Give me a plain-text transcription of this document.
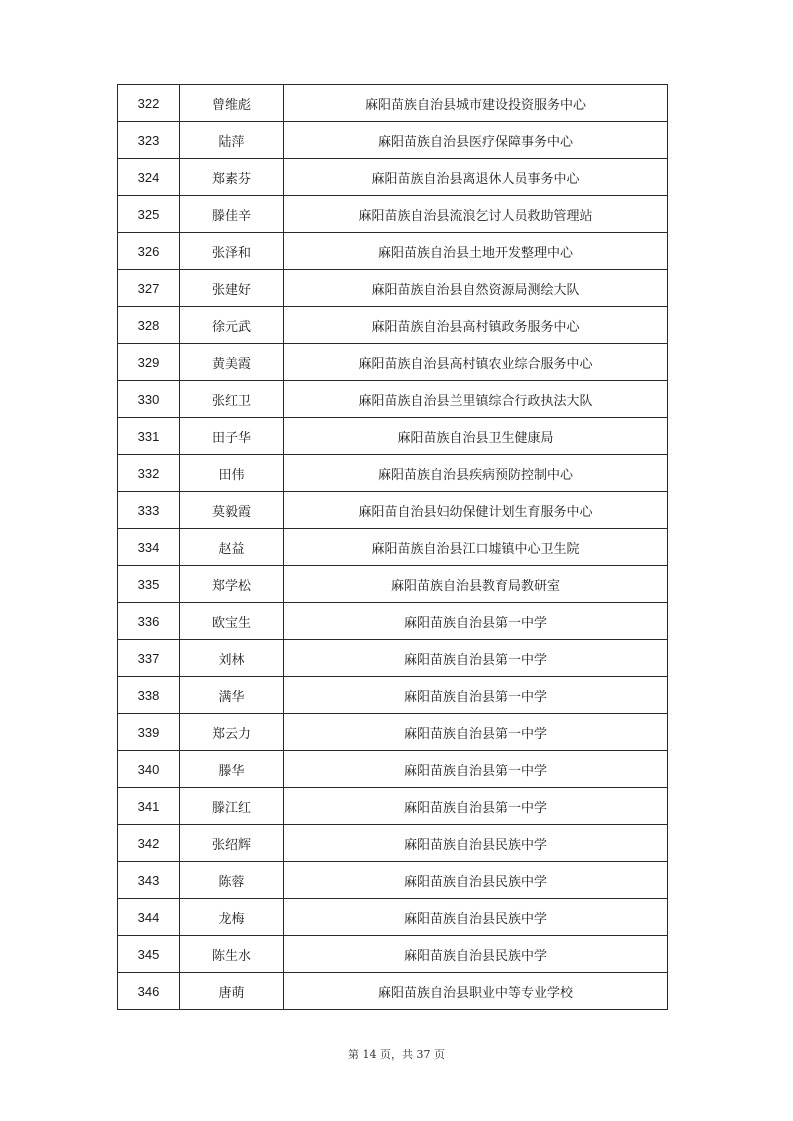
322	曾维彪	麻阳苗族自治县城市建设投资服务中心
323	陆萍	麻阳苗族自治县医疗保障事务中心
324	郑素芬	麻阳苗族自治县离退休人员事务中心
325	滕佳辛	麻阳苗族自治县流浪乞讨人员救助管理站
326	张泽和	麻阳苗族自治县土地开发整理中心
327	张建好	麻阳苗族自治县自然资源局测绘大队
328	徐元武	麻阳苗族自治县高村镇政务服务中心
329	黄美霞	麻阳苗族自治县高村镇农业综合服务中心
330	张红卫	麻阳苗族自治县兰里镇综合行政执法大队
331	田子华	麻阳苗族自治县卫生健康局
332	田伟	麻阳苗族自治县疾病预防控制中心
333	莫毅霞	麻阳苗自治县妇幼保健计划生育服务中心
334	赵益	麻阳苗族自治县江口墟镇中心卫生院
335	郑学松	麻阳苗族自治县教育局教研室
336	欧宝生	麻阳苗族自治县第一中学
337	刘林	麻阳苗族自治县第一中学
338	满华	麻阳苗族自治县第一中学
339	郑云力	麻阳苗族自治县第一中学
340	滕华	麻阳苗族自治县第一中学
341	滕江红	麻阳苗族自治县第一中学
342	张绍辉	麻阳苗族自治县民族中学
343	陈蓉	麻阳苗族自治县民族中学
344	龙梅	麻阳苗族自治县民族中学
345	陈生水	麻阳苗族自治县民族中学
346	唐萌	麻阳苗族自治县职业中等专业学校
第 14 页，共 37 页
